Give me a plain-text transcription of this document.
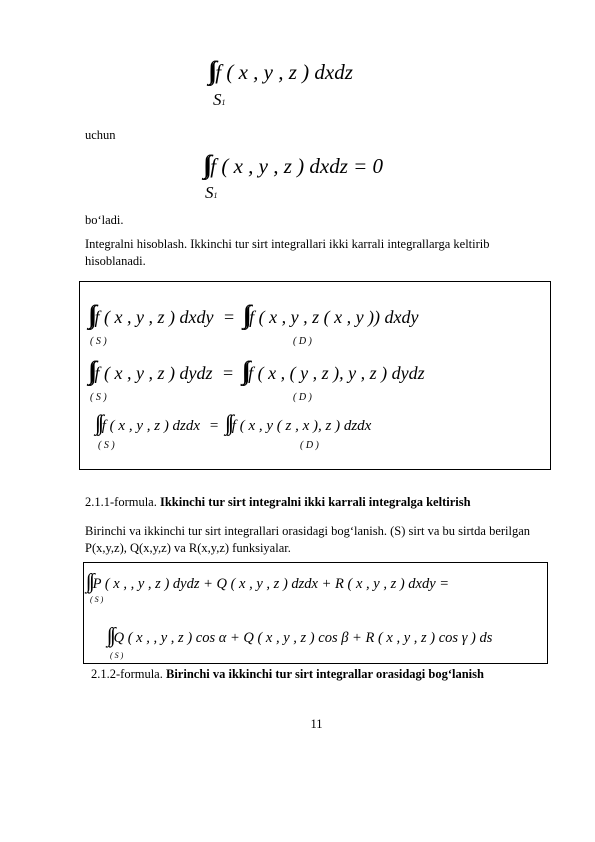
f ( x , y , z ) dxdz
S1
uchun
f ( x , y , z ) dxdz = 0
S1
bo‘ladi.
Integralni hisoblash. Ikkinchi tur sirt integrallari ikki karrali integrallarga keltirib hisoblanadi.
f ( x , y , z ) dxdy = f ( x , y , z ( x , y )) dxdy
( S )	( D )
f ( x , y , z ) dydz = f ( x , ( y , z ), y , z ) dydz
( S )	( D )
f ( x , y , z ) dzdx = f ( x , y ( z , x ), z ) dzdx
( S )	( D )
2.1.1-formula. Ikkinchi tur sirt integralni ikki karrali integralga keltirish
Birinchi va ikkinchi tur sirt integrallari orasidagi bog‘lanish. (S) sirt va bu sirtda berilgan P(x,y,z), Q(x,y,z) va R(x,y,z) funksiyalar.
P ( x , , y , z ) dydz + Q ( x , y , z ) dzdx + R ( x , y , z ) dxdy =
( S )
Q ( x , , y , z ) cos α + Q ( x , y , z ) cos β + R ( x , y , z ) cos γ ) ds
( S )
2.1.2-formula. Birinchi va ikkinchi tur sirt integrallar orasidagi bog‘lanish
11
